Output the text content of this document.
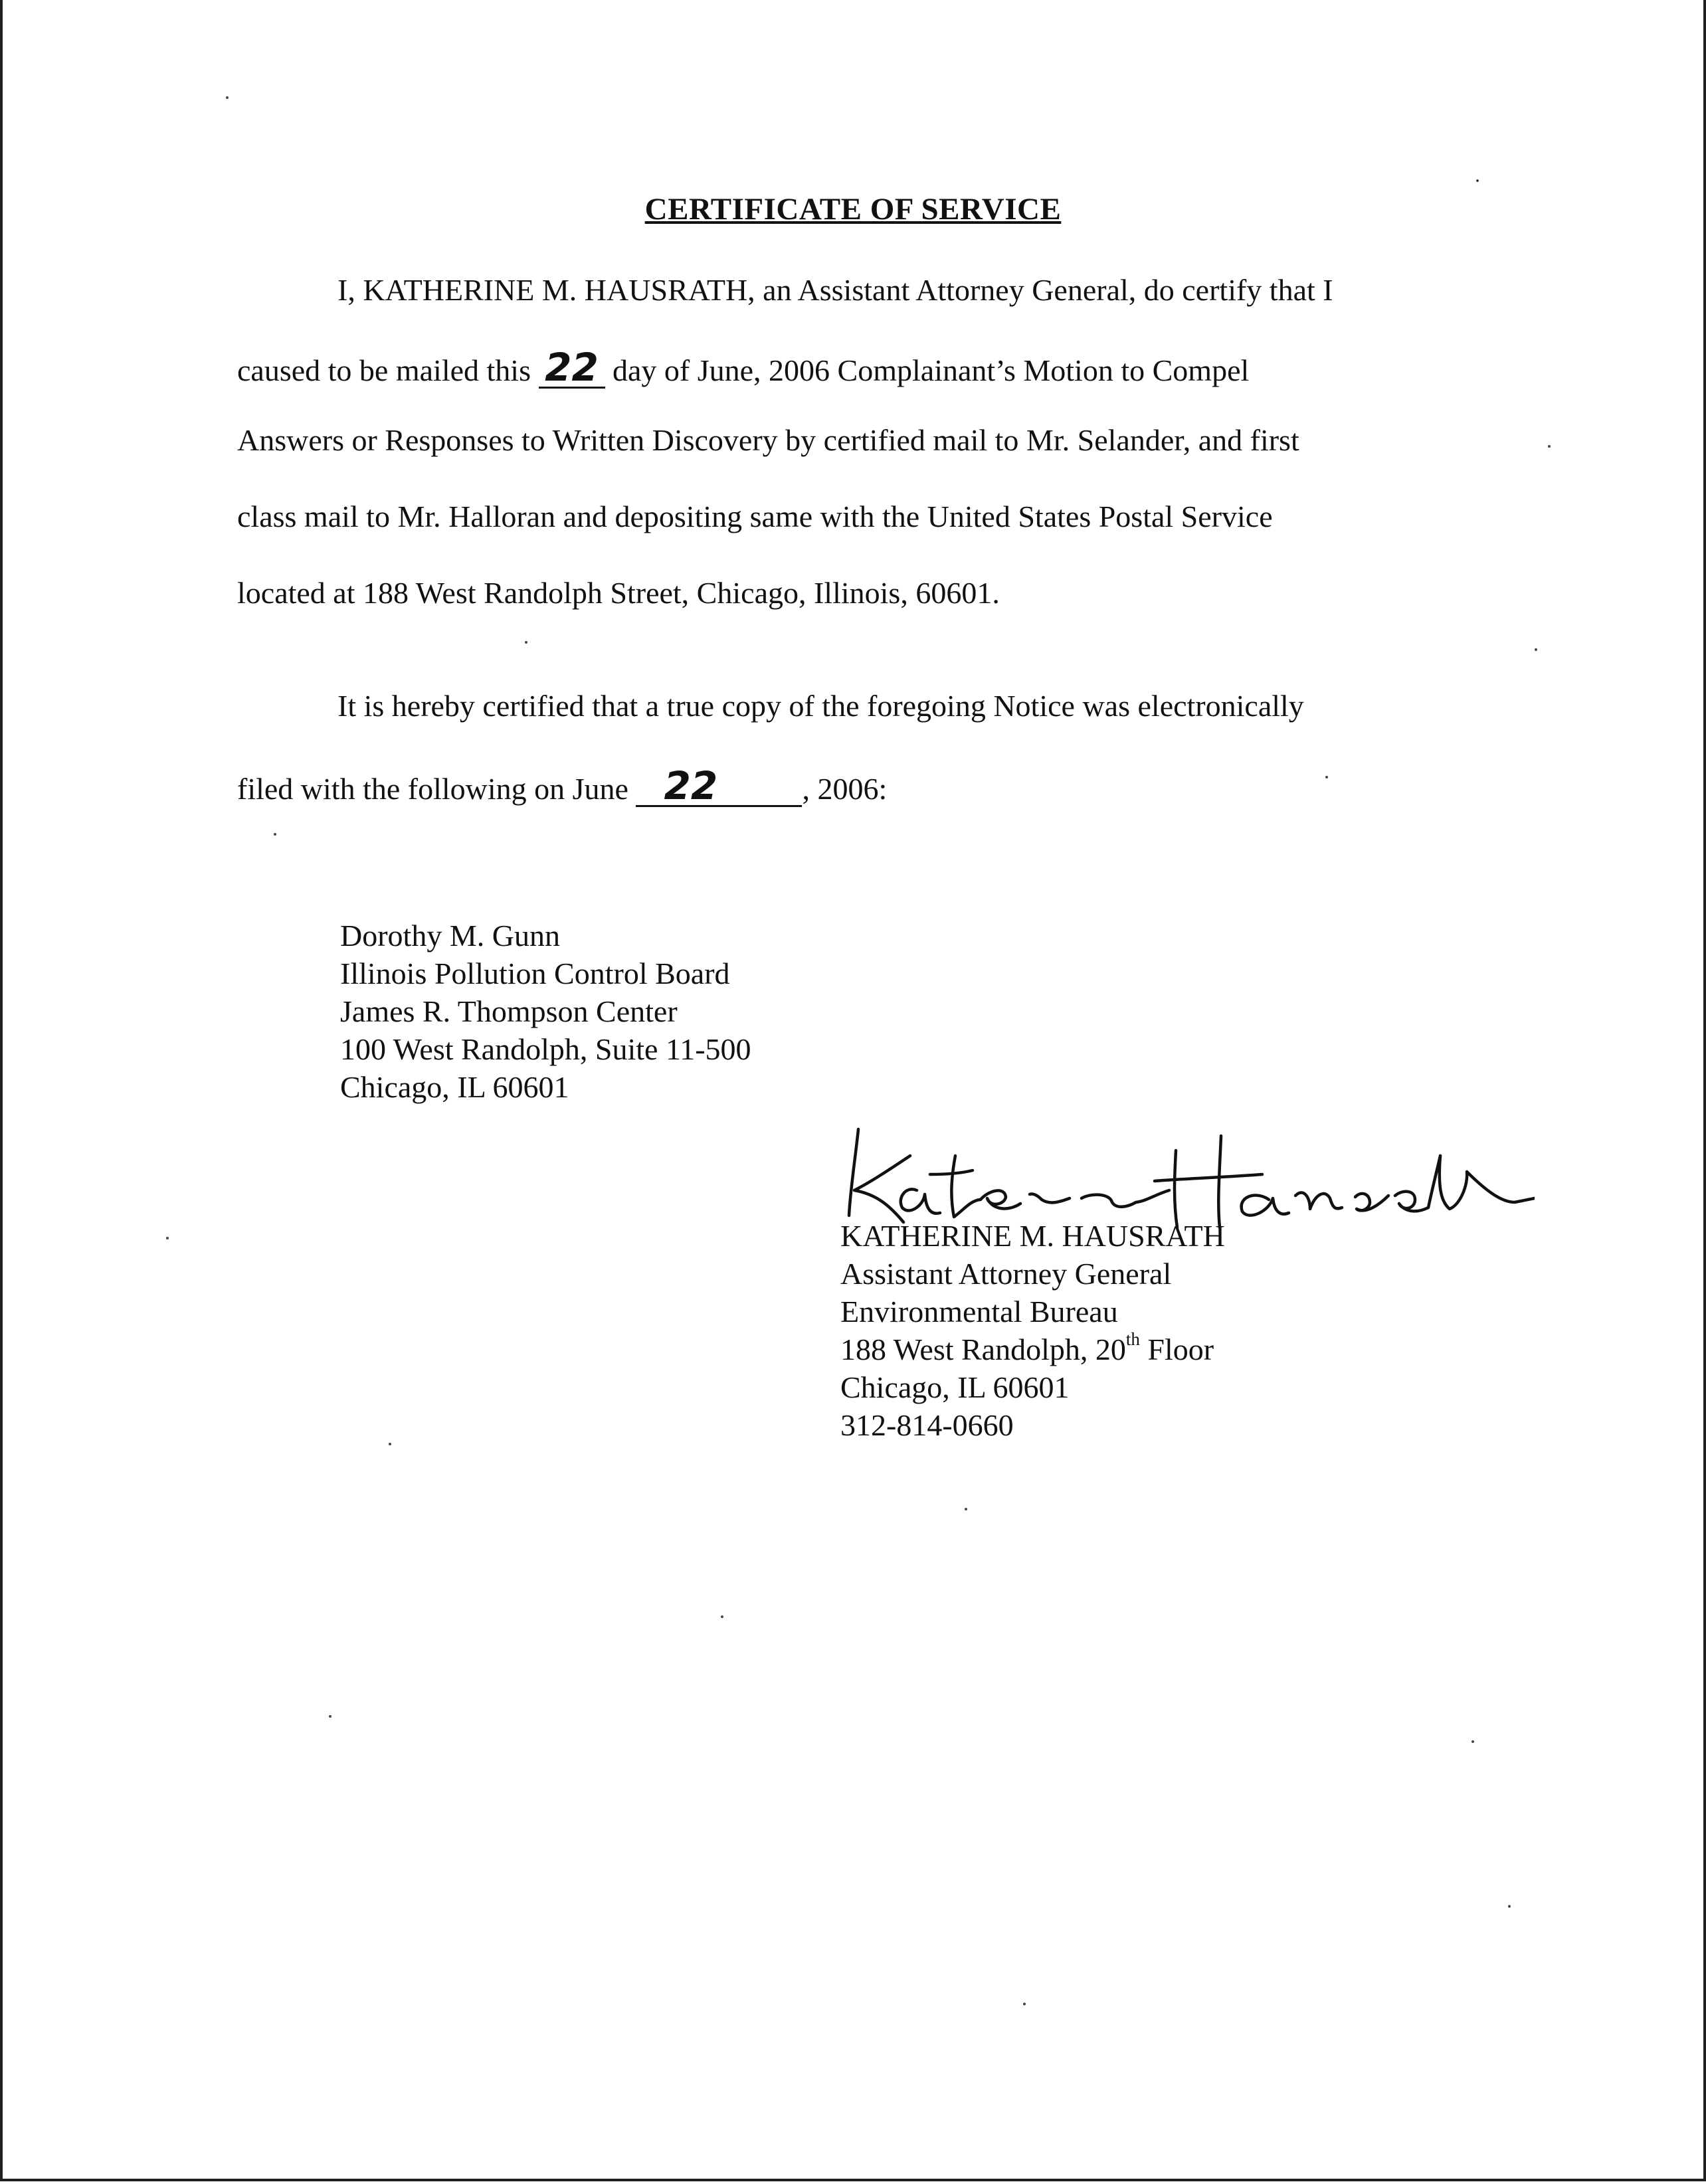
CERTIFICATE OF SERVICE
I, KATHERINE M. HAUSRATH, an Assistant Attorney General, do certify that I
caused to be mailed this 22 day of June, 2006 Complainant’s Motion to Compel
Answers or Responses to Written Discovery by certified mail to Mr. Selander, and first
class mail to Mr. Halloran and depositing same with the United States Postal Service
located at 188 West Randolph Street, Chicago, Illinois, 60601.
It is hereby certified that a true copy of the foregoing Notice was electronically
filed with the following on June 22	, 2006:
Dorothy M. Gunn
Illinois Pollution Control Board
James R. Thompson Center
100 West Randolph, Suite 11-500
Chicago, IL 60601
KATHERINE M. HAUSRATH
Assistant Attorney General
Environmental Bureau
188 West Randolph, 20th Floor
Chicago, IL 60601
312-814-0660
